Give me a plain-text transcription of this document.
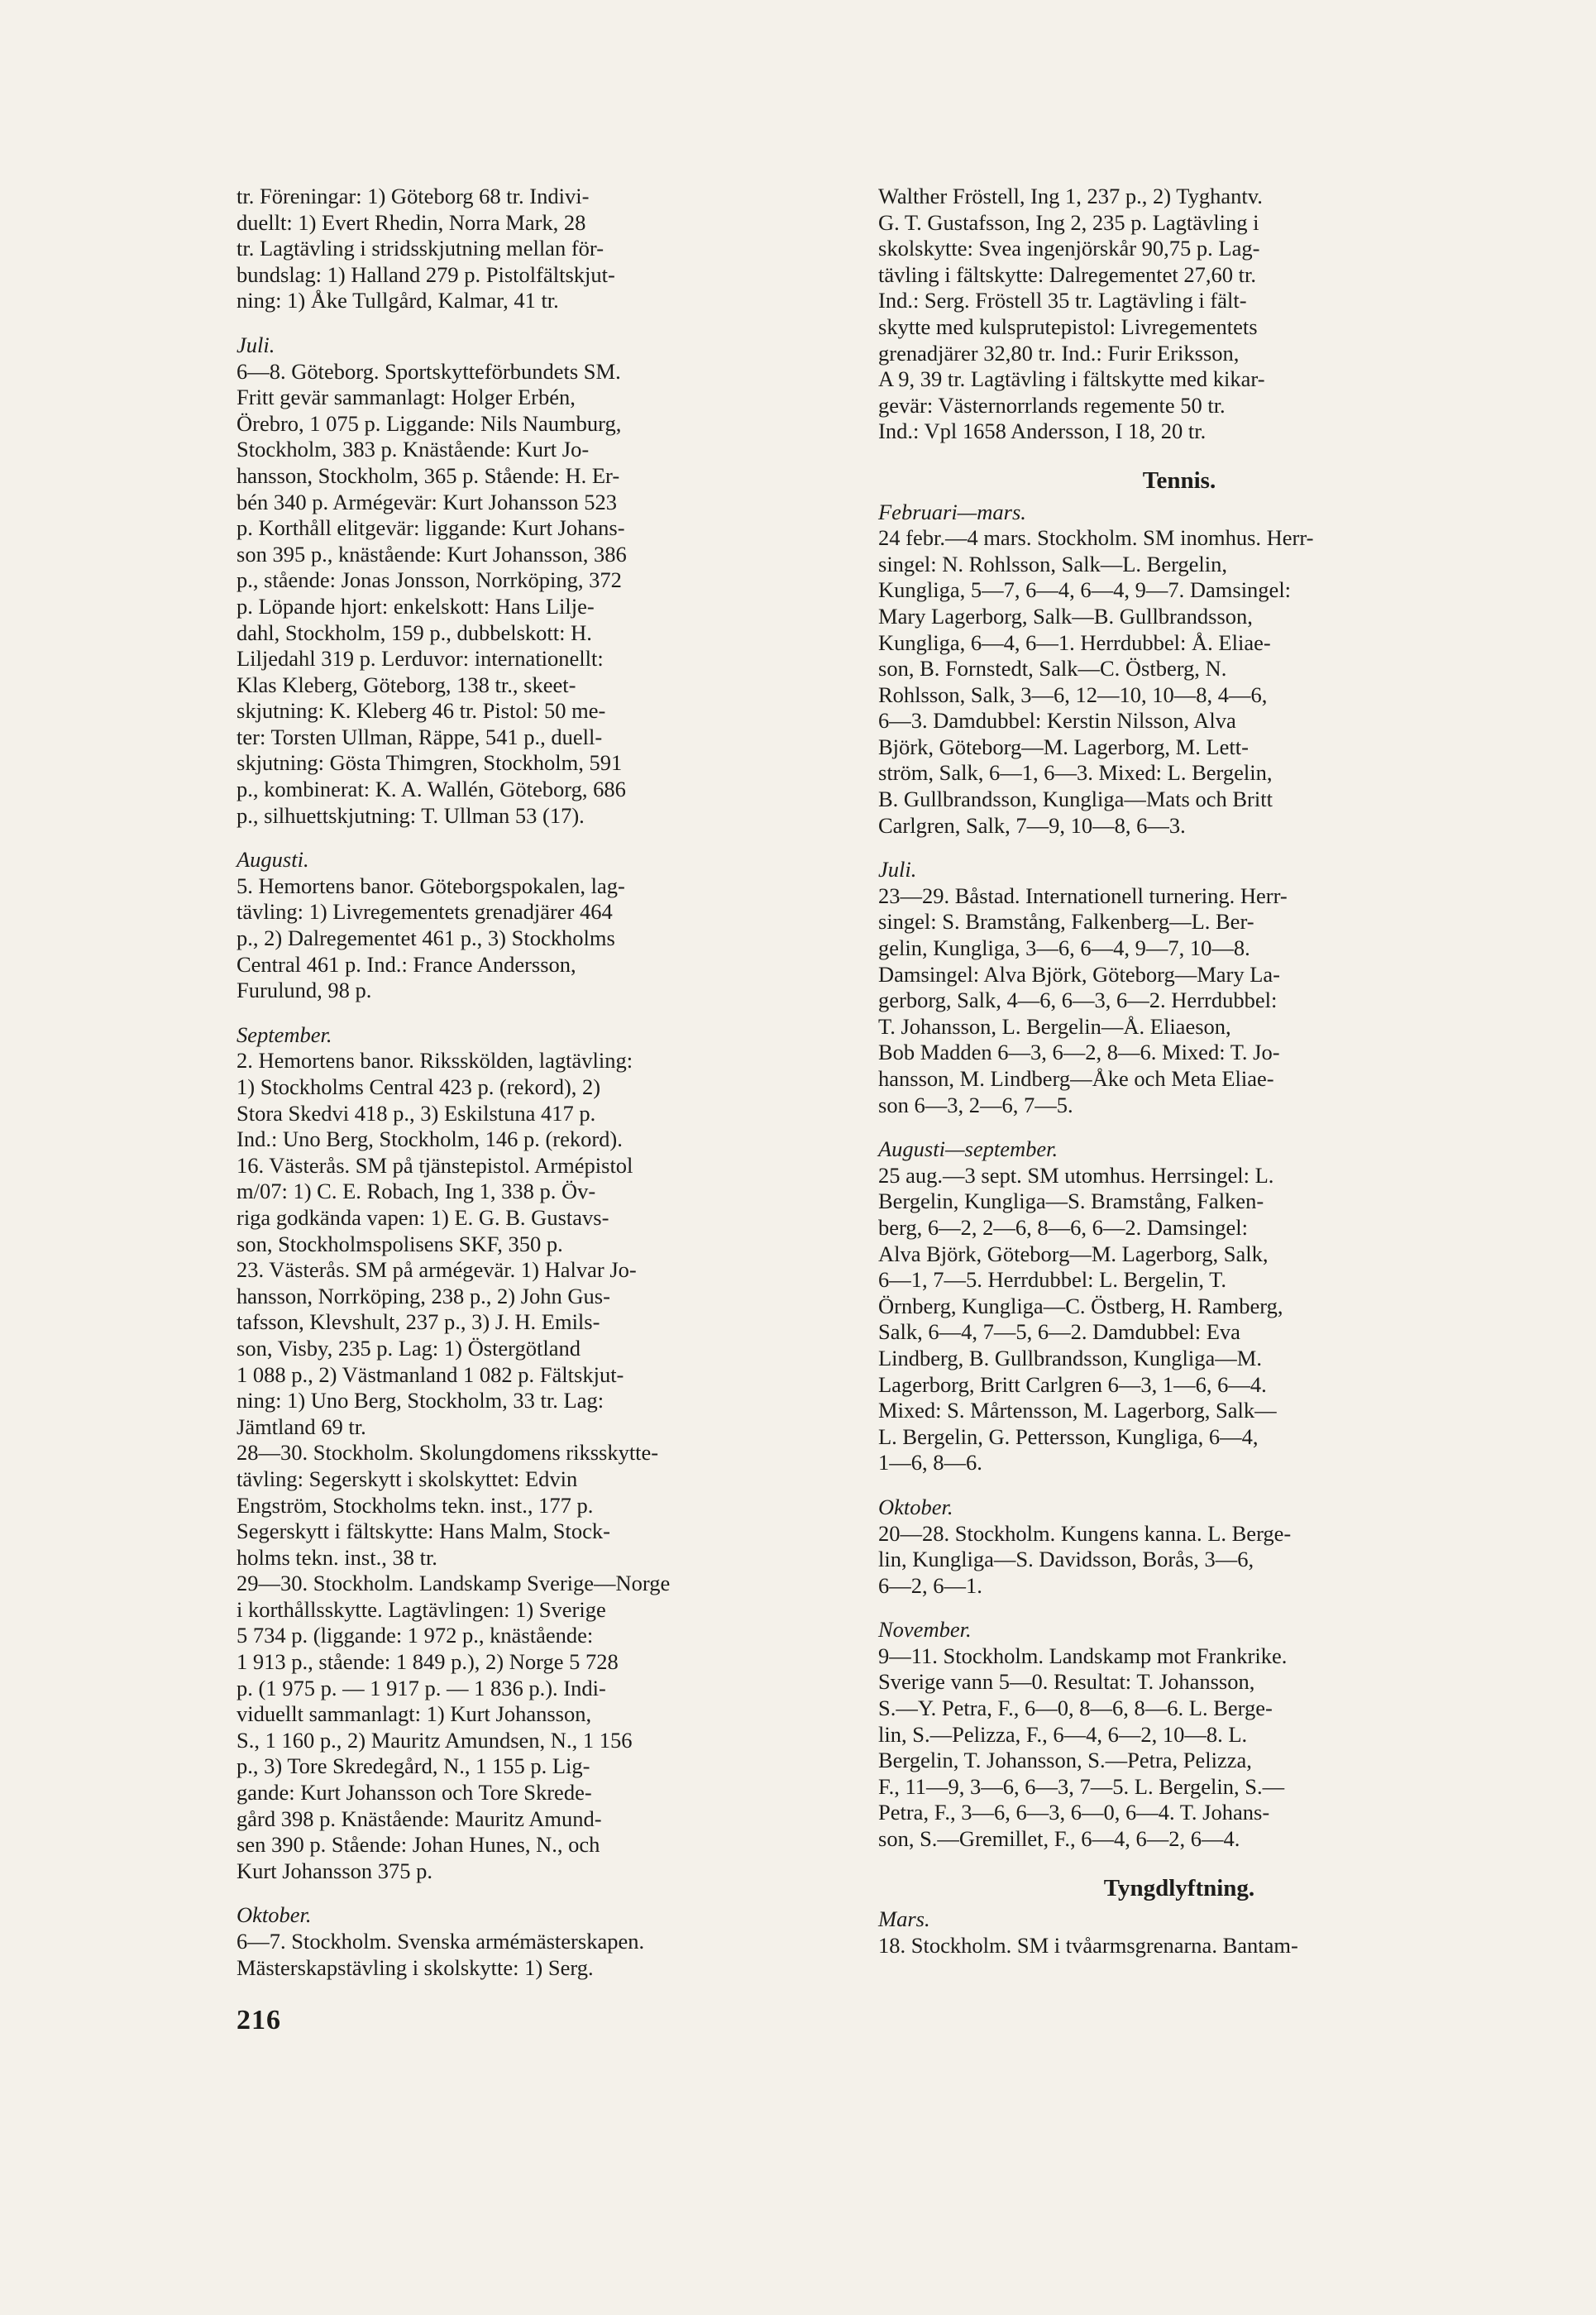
tr. Föreningar: 1) Göteborg 68 tr. Indivi-
duellt: 1) Evert Rhedin, Norra Mark, 28
tr. Lagtävling i stridsskjutning mellan för-
bundslag: 1) Halland 279 p. Pistolfältskjut-
ning: 1) Åke Tullgård, Kalmar, 41 tr.
Juli.
6—8. Göteborg. Sportskytteförbundets SM.
Fritt gevär sammanlagt: Holger Erbén,
Örebro, 1 075 p. Liggande: Nils Naumburg,
Stockholm, 383 p. Knästående: Kurt Jo-
hansson, Stockholm, 365 p. Stående: H. Er-
bén 340 p. Armégevär: Kurt Johansson 523
p. Korthåll elitgevär: liggande: Kurt Johans-
son 395 p., knästående: Kurt Johansson, 386
p., stående: Jonas Jonsson, Norrköping, 372
p. Löpande hjort: enkelskott: Hans Lilje-
dahl, Stockholm, 159 p., dubbelskott: H.
Liljedahl 319 p. Lerduvor: internationellt:
Klas Kleberg, Göteborg, 138 tr., skeet-
skjutning: K. Kleberg 46 tr. Pistol: 50 me-
ter: Torsten Ullman, Räppe, 541 p., duell-
skjutning: Gösta Thimgren, Stockholm, 591
p., kombinerat: K. A. Wallén, Göteborg, 686
p., silhuettskjutning: T. Ullman 53 (17).
Augusti.
5. Hemortens banor. Göteborgspokalen, lag-
tävling: 1) Livregementets grenadjärer 464
p., 2) Dalregementet 461 p., 3) Stockholms
Central 461 p. Ind.: France Andersson,
Furulund, 98 p.
September.
2. Hemortens banor. Riksskölden, lagtävling:
1) Stockholms Central 423 p. (rekord), 2)
Stora Skedvi 418 p., 3) Eskilstuna 417 p.
Ind.: Uno Berg, Stockholm, 146 p. (rekord).
16. Västerås. SM på tjänstepistol. Armépistol
m/07: 1) C. E. Robach, Ing 1, 338 p. Öv-
riga godkända vapen: 1) E. G. B. Gustavs-
son, Stockholmspolisens SKF, 350 p.
23. Västerås. SM på armégevär. 1) Halvar Jo-
hansson, Norrköping, 238 p., 2) John Gus-
tafsson, Klevshult, 237 p., 3) J. H. Emils-
son, Visby, 235 p. Lag: 1) Östergötland
1 088 p., 2) Västmanland 1 082 p. Fältskjut-
ning: 1) Uno Berg, Stockholm, 33 tr. Lag:
Jämtland 69 tr.
28—30. Stockholm. Skolungdomens riksskytte-
tävling: Segerskytt i skolskyttet: Edvin
Engström, Stockholms tekn. inst., 177 p.
Segerskytt i fältskytte: Hans Malm, Stock-
holms tekn. inst., 38 tr.
29—30. Stockholm. Landskamp Sverige—Norge
i korthållsskytte. Lagtävlingen: 1) Sverige
5 734 p. (liggande: 1 972 p., knästående:
1 913 p., stående: 1 849 p.), 2) Norge 5 728
p. (1 975 p. — 1 917 p. — 1 836 p.). Indi-
viduellt sammanlagt: 1) Kurt Johansson,
S., 1 160 p., 2) Mauritz Amundsen, N., 1 156
p., 3) Tore Skredegård, N., 1 155 p. Lig-
gande: Kurt Johansson och Tore Skrede-
gård 398 p. Knästående: Mauritz Amund-
sen 390 p. Stående: Johan Hunes, N., och
Kurt Johansson 375 p.
Oktober.
6—7. Stockholm. Svenska armémästerskapen.
Mästerskapstävling i skolskytte: 1) Serg.
Walther Fröstell, Ing 1, 237 p., 2) Tyghantv.
G. T. Gustafsson, Ing 2, 235 p. Lagtävling i
skolskytte: Svea ingenjörskår 90,75 p. Lag-
tävling i fältskytte: Dalregementet 27,60 tr.
Ind.: Serg. Fröstell 35 tr. Lagtävling i fält-
skytte med kulsprutepistol: Livregementets
grenadjärer 32,80 tr. Ind.: Furir Eriksson,
A 9, 39 tr. Lagtävling i fältskytte med kikar-
gevär: Västernorrlands regemente 50 tr.
Ind.: Vpl 1658 Andersson, I 18, 20 tr.
Tennis.
Februari—mars.
24 febr.—4 mars. Stockholm. SM inomhus. Herr-
singel: N. Rohlsson, Salk—L. Bergelin,
Kungliga, 5—7, 6—4, 6—4, 9—7. Damsingel:
Mary Lagerborg, Salk—B. Gullbrandsson,
Kungliga, 6—4, 6—1. Herrdubbel: Å. Eliae-
son, B. Fornstedt, Salk—C. Östberg, N.
Rohlsson, Salk, 3—6, 12—10, 10—8, 4—6,
6—3. Damdubbel: Kerstin Nilsson, Alva
Björk, Göteborg—M. Lagerborg, M. Lett-
ström, Salk, 6—1, 6—3. Mixed: L. Bergelin,
B. Gullbrandsson, Kungliga—Mats och Britt
Carlgren, Salk, 7—9, 10—8, 6—3.
Juli.
23—29. Båstad. Internationell turnering. Herr-
singel: S. Bramstång, Falkenberg—L. Ber-
gelin, Kungliga, 3—6, 6—4, 9—7, 10—8.
Damsingel: Alva Björk, Göteborg—Mary La-
gerborg, Salk, 4—6, 6—3, 6—2. Herrdubbel:
T. Johansson, L. Bergelin—Å. Eliaeson,
Bob Madden 6—3, 6—2, 8—6. Mixed: T. Jo-
hansson, M. Lindberg—Åke och Meta Eliae-
son 6—3, 2—6, 7—5.
Augusti—september.
25 aug.—3 sept. SM utomhus. Herrsingel: L.
Bergelin, Kungliga—S. Bramstång, Falken-
berg, 6—2, 2—6, 8—6, 6—2. Damsingel:
Alva Björk, Göteborg—M. Lagerborg, Salk,
6—1, 7—5. Herrdubbel: L. Bergelin, T.
Örnberg, Kungliga—C. Östberg, H. Ramberg,
Salk, 6—4, 7—5, 6—2. Damdubbel: Eva
Lindberg, B. Gullbrandsson, Kungliga—M.
Lagerborg, Britt Carlgren 6—3, 1—6, 6—4.
Mixed: S. Mårtensson, M. Lagerborg, Salk—
L. Bergelin, G. Pettersson, Kungliga, 6—4,
1—6, 8—6.
Oktober.
20—28. Stockholm. Kungens kanna. L. Berge-
lin, Kungliga—S. Davidsson, Borås, 3—6,
6—2, 6—1.
November.
9—11. Stockholm. Landskamp mot Frankrike.
Sverige vann 5—0. Resultat: T. Johansson,
S.—Y. Petra, F., 6—0, 8—6, 8—6. L. Berge-
lin, S.—Pelizza, F., 6—4, 6—2, 10—8. L.
Bergelin, T. Johansson, S.—Petra, Pelizza,
F., 11—9, 3—6, 6—3, 7—5. L. Bergelin, S.—
Petra, F., 3—6, 6—3, 6—0, 6—4. T. Johans-
son, S.—Gremillet, F., 6—4, 6—2, 6—4.
Tyngdlyftning.
Mars.
18. Stockholm. SM i tvåarmsgrenarna. Bantam-
216
